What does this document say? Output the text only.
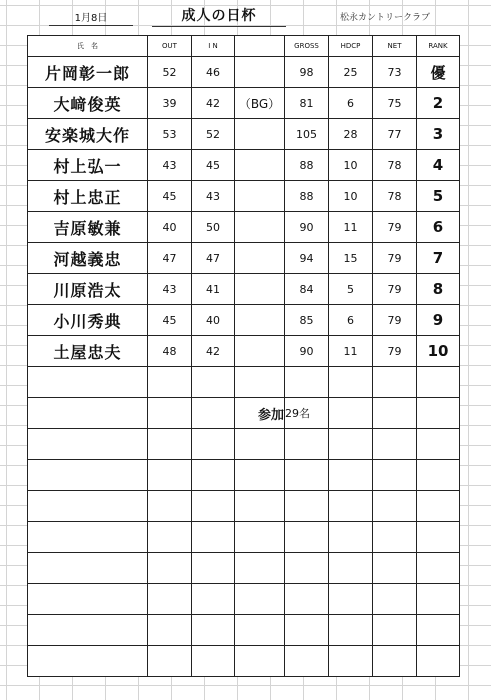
1月8日	成人の日杯	松永カントリークラブ
氏　名	OUT	I N		GROSS	HDCP	NET	RANK
片岡彰一郎	52	46		98	25	73	優
大﨑俊英	39	42	（BG）	81	6	75	2
安楽城大作	53	52		105	28	77	3
村上弘一	43	45		88	10	78	4
村上忠正	45	43		88	10	78	5
吉原敏兼	40	50		90	11	79	6
河越義忠	47	47		94	15	79	7
川原浩太	43	41		84	5	79	8
小川秀典	45	40		85	6	79	9
土屋忠夫	48	42		90	11	79	10

			参加	29名			
